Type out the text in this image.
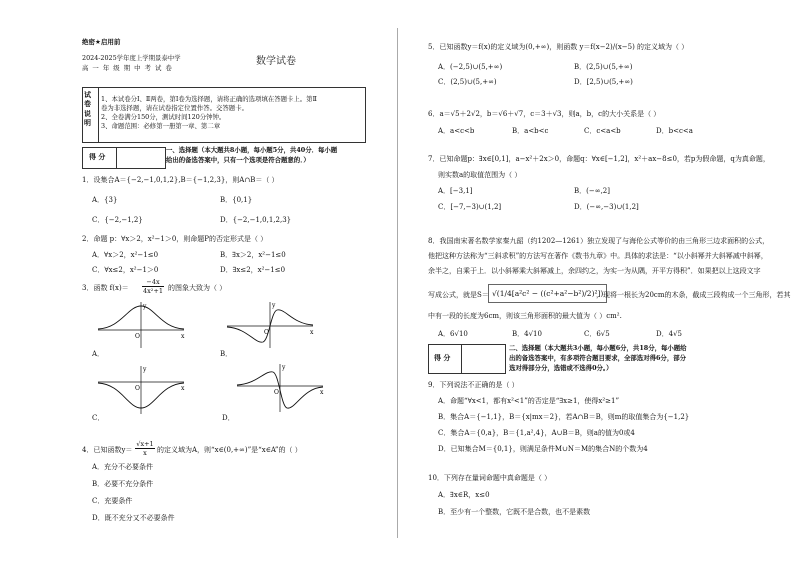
绝密★启用前
2024-2025学年度上学期景泰中学
高 一 年 级 期 中 考 试 卷
数学试卷
试卷说明
1、本试卷分Ⅰ、Ⅱ两卷，第Ⅰ卷为选择题，请将正确的选项填在答题卡上。第Ⅱ
卷为非选择题，请在试卷指定位置作答。交答题卡。
2、全卷满分150分，测试时间120分钟钟。
3、命题范围：必修第一册第一章、第二章
得 分
一、选择题（本大题共8小题，每小题5分，共40分．每小题
给出的备选答案中，只有一个选项是符合题意的．）
1．设集合A＝{−2,−1,0,1,2},B＝{−1,2,3}，则A∩B＝（ ）
A．{3}	B．{0,1}
C．{−2,−1,2}	D．{−2,−1,0,1,2,3}
2．命题 p：∀x＞2，x²−1＞0，则命题P的否定形式是（ ）
A．∀x＞2，x²−1≤0	B．∃x＞2，x²−1≤0
C．∀x≤2，x²−1＞0	D．∃x≤2，x²−1≤0
3．函数 f(x)＝
−4x
4x²+1 的图象大致为（ ）
y
x
O
A．
y
x
O
B．
y
x
O
C．
y
x
O
D．
4．已知函数y＝
√x+1
x	的定义域为A，则“x∈(0,+∞)”是“x∈A”的（ ）
A．充分不必要条件
B．必要不充分条件
C．充要条件
D．既不充分又不必要条件
5．已知函数y＝f(x)的定义域为(0,+∞)，则函数 y＝f(x−2)/(x−5) 的定义域为（ ）
A．(−2,5)∪(5,+∞)	B．(2,5)∪(5,+∞)
C．(2,5)∪(5,+∞)	D．[2,5)∪(5,+∞)
6．a＝√5＋2√2，b＝√6＋√7，c＝3＋√3，则a，b，c的大小关系是（ ）
A．a<c<b	B．a<b<c	C．c<a<b	D．b<c<a
7．已知命题p：∃x∈[0,1]，a−x²＋2x＞0，命题q：∀x∈[−1,2]，x²＋ax−8≤0，若p为假命题，q为真命题，
则实数a的取值范围为（ ）
A．[−3,1]	B．(−∞,2]
C．[−7,−3)∪(1,2]	D．(−∞,−3)∪(1,2]
8．我国南宋著名数学家秦九韶（约1202—1261）独立发现了与海伦公式等价的由三角形三边求面积的公式，
他把这种方法称为“三斜求积”的方法写在著作《数书九章》中。具体的求法是：“以小斜幂并大斜幂减中斜幂，
余半之，自乘于上．以小斜幂乘大斜幂减上，余四约之，为实一为从隅，开平方得积”．如果把以上这段文字
写成公式，就是S＝ √(1/4[a²c² − ((c²+a²−b²)/2)²])
，现将一根长为20cm的木条，截成三段构成一个三角形，若其
中有一段的长度为6cm，则该三角形面积的最大值为（ ）cm².
A．6√10	B．4√10	C．6√5	D．4√5
得 分
二、选择题（本大题共3小题，每小题6分，共18分，每小题给
出的备选答案中，有多项符合题目要求，全部选对得6分，部分
选对得部分分，选错或不选得0分。）
9．下列说法不正确的是（ ）
A．命题“∀x<1，都有x²<1”的否定是“∃x≥1，使得x²≥1”
B．集合A＝{−1,1}，B＝{x|mx＝2}，若A∩B＝B，则m的取值集合为{−1,2}
C．集合A＝{0,a}，B＝{1,a²,4}，A∪B＝B，则a的值为0或4
D．已知集合M＝{0,1}，则满足条件M∪N＝M的集合N的个数为4
10．下列存在量词命题中真命题是（ ）
A．∃x∈R，x≤0
B．至少有一个整数，它既不是合数，也不是素数
